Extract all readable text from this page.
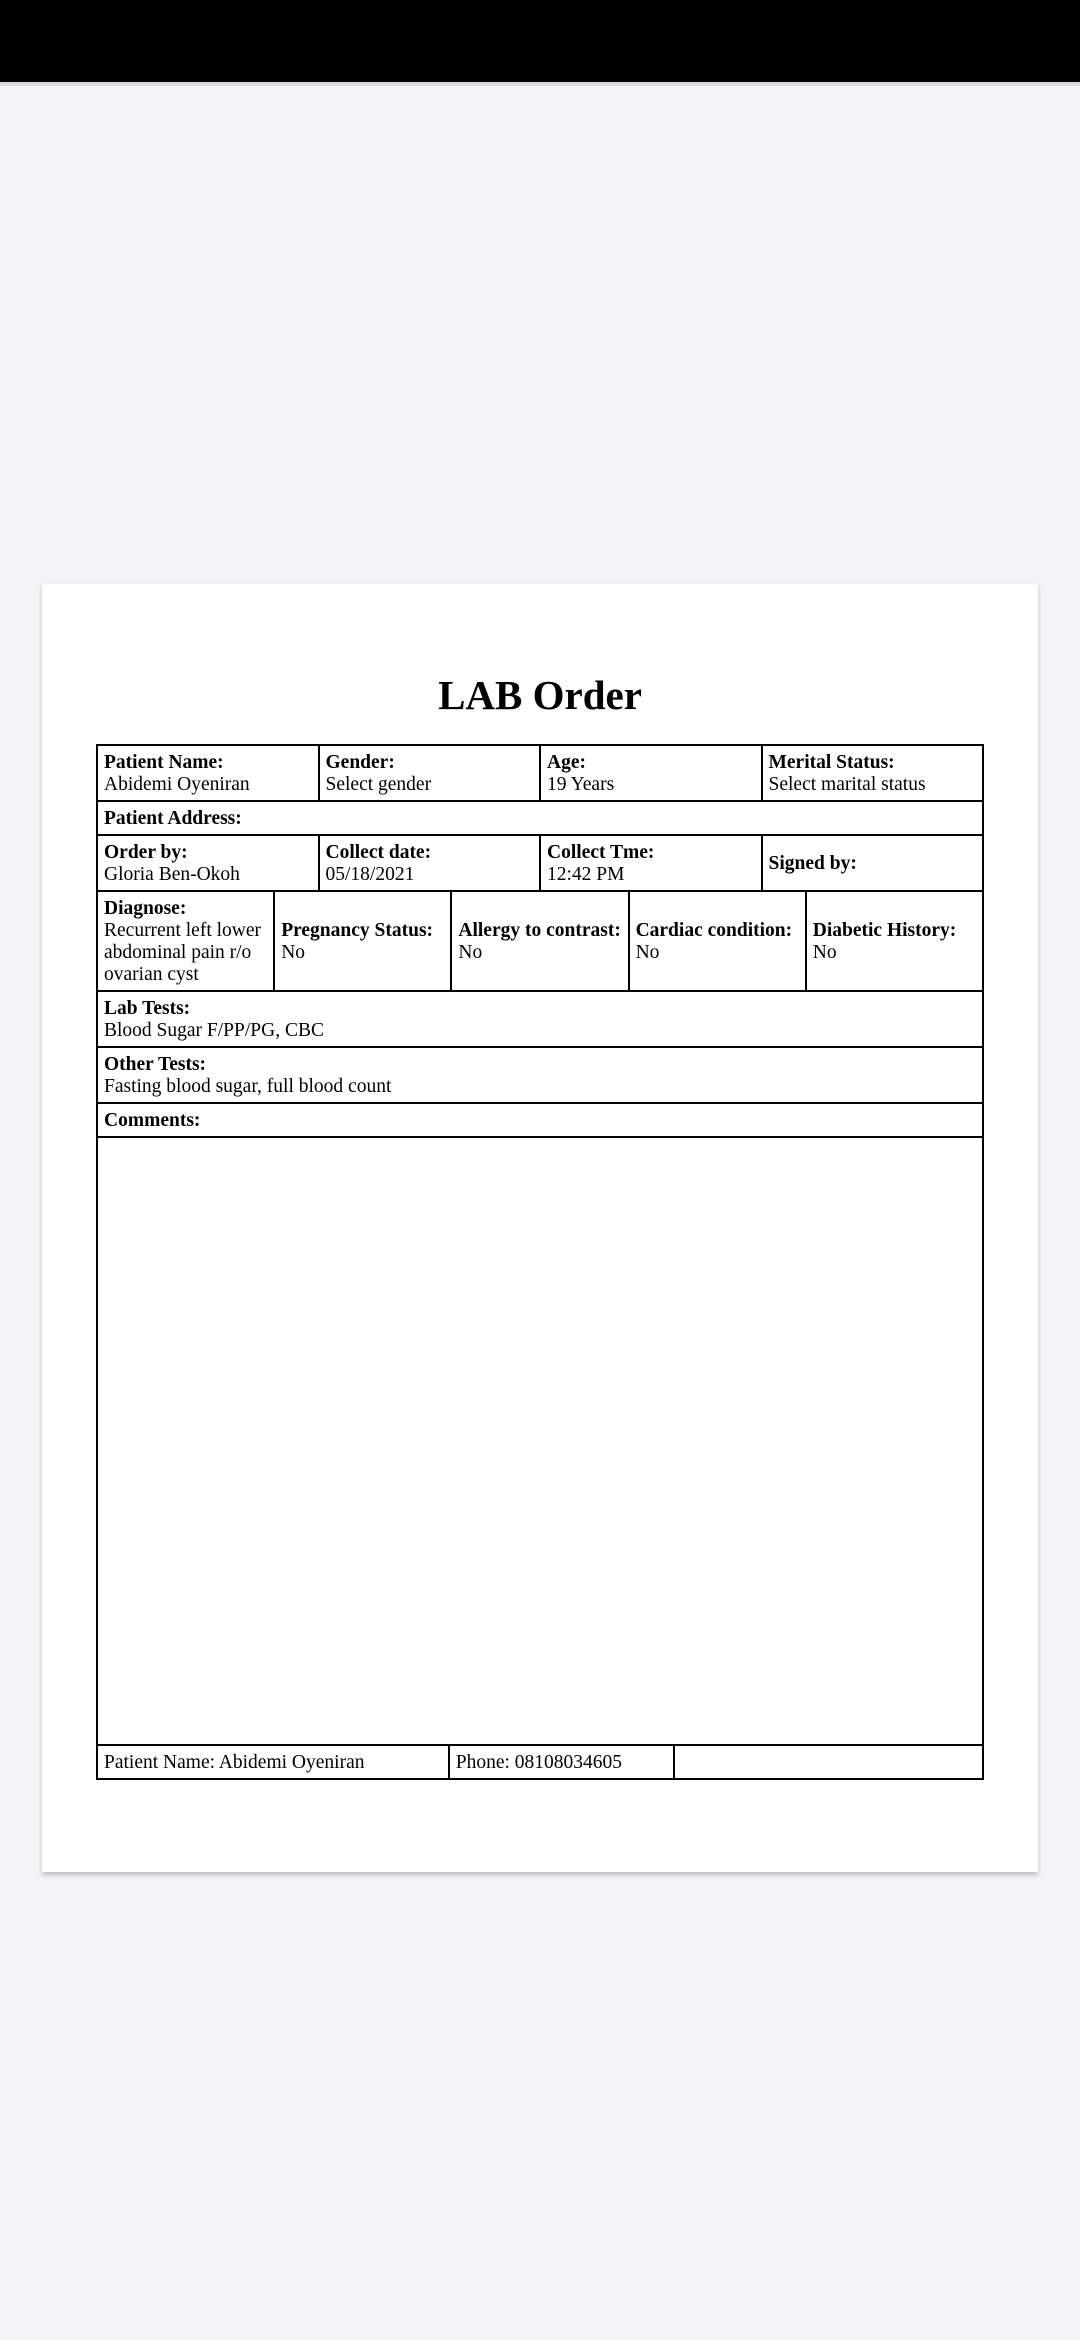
LAB Order
Patient Name:
Abidemi Oyeniran

Gender:
Select gender

Age:
19 Years

Merital Status:
Select marital status
Patient Address:
Order by:
Gloria Ben-Okoh

Collect date:
05/18/2021

Collect Tme:
12:42 PM

Signed by:
Diagnose:
Recurrent left lower abdominal pain r/o ovarian cyst

Pregnancy Status:
No

Allergy to contrast:
No

Cardiac condition:
No

Diabetic History:
No
Lab Tests:
Blood Sugar F/PP/PG, CBC
Other Tests:
Fasting blood sugar, full blood count
Comments:
Patient Name: Abidemi Oyeniran	Phone: 08108034605	
